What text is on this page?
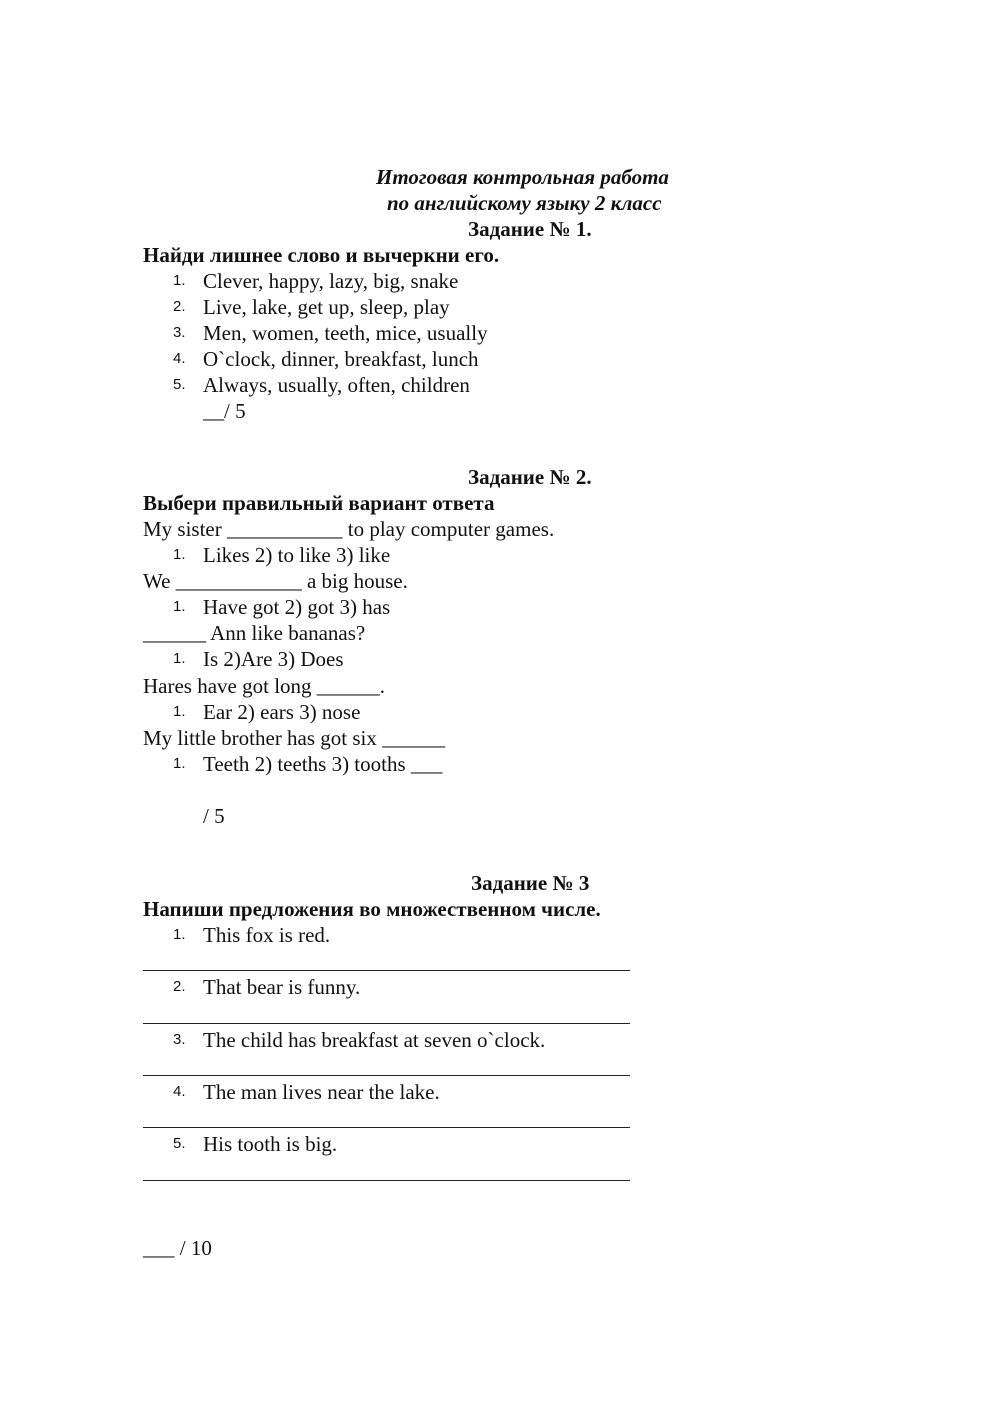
Итоговая контрольная работа
по английскому языку 2 класс
Задание № 1.
Найди лишнее слово и вычеркни его.
1. Clever, happy, lazy, big, snake
2. Live, lake, get up, sleep, play
3. Men, women, teeth, mice, usually
4. O`clock, dinner, breakfast, lunch
5. Always, usually, often, children
__/ 5
Задание № 2.
Выбери правильный вариант ответа
My sister ___________ to play computer games.
1. Likes 2) to like 3) like
We ____________ a big house.
1. Have got 2) got 3) has
______ Ann like bananas?
1. Is 2)Are 3) Does
Hares have got long ______.
1. Ear 2) ears 3) nose
My little brother has got six ______
1. Teeth 2) teeths 3) tooths ___
/ 5
Задание № 3
Напиши предложения во множественном числе.
1. This fox is red.
2. That bear is funny.
3. The child has breakfast at seven o`clock.
4. The man lives near the lake.
5. His tooth is big.
___ / 10
